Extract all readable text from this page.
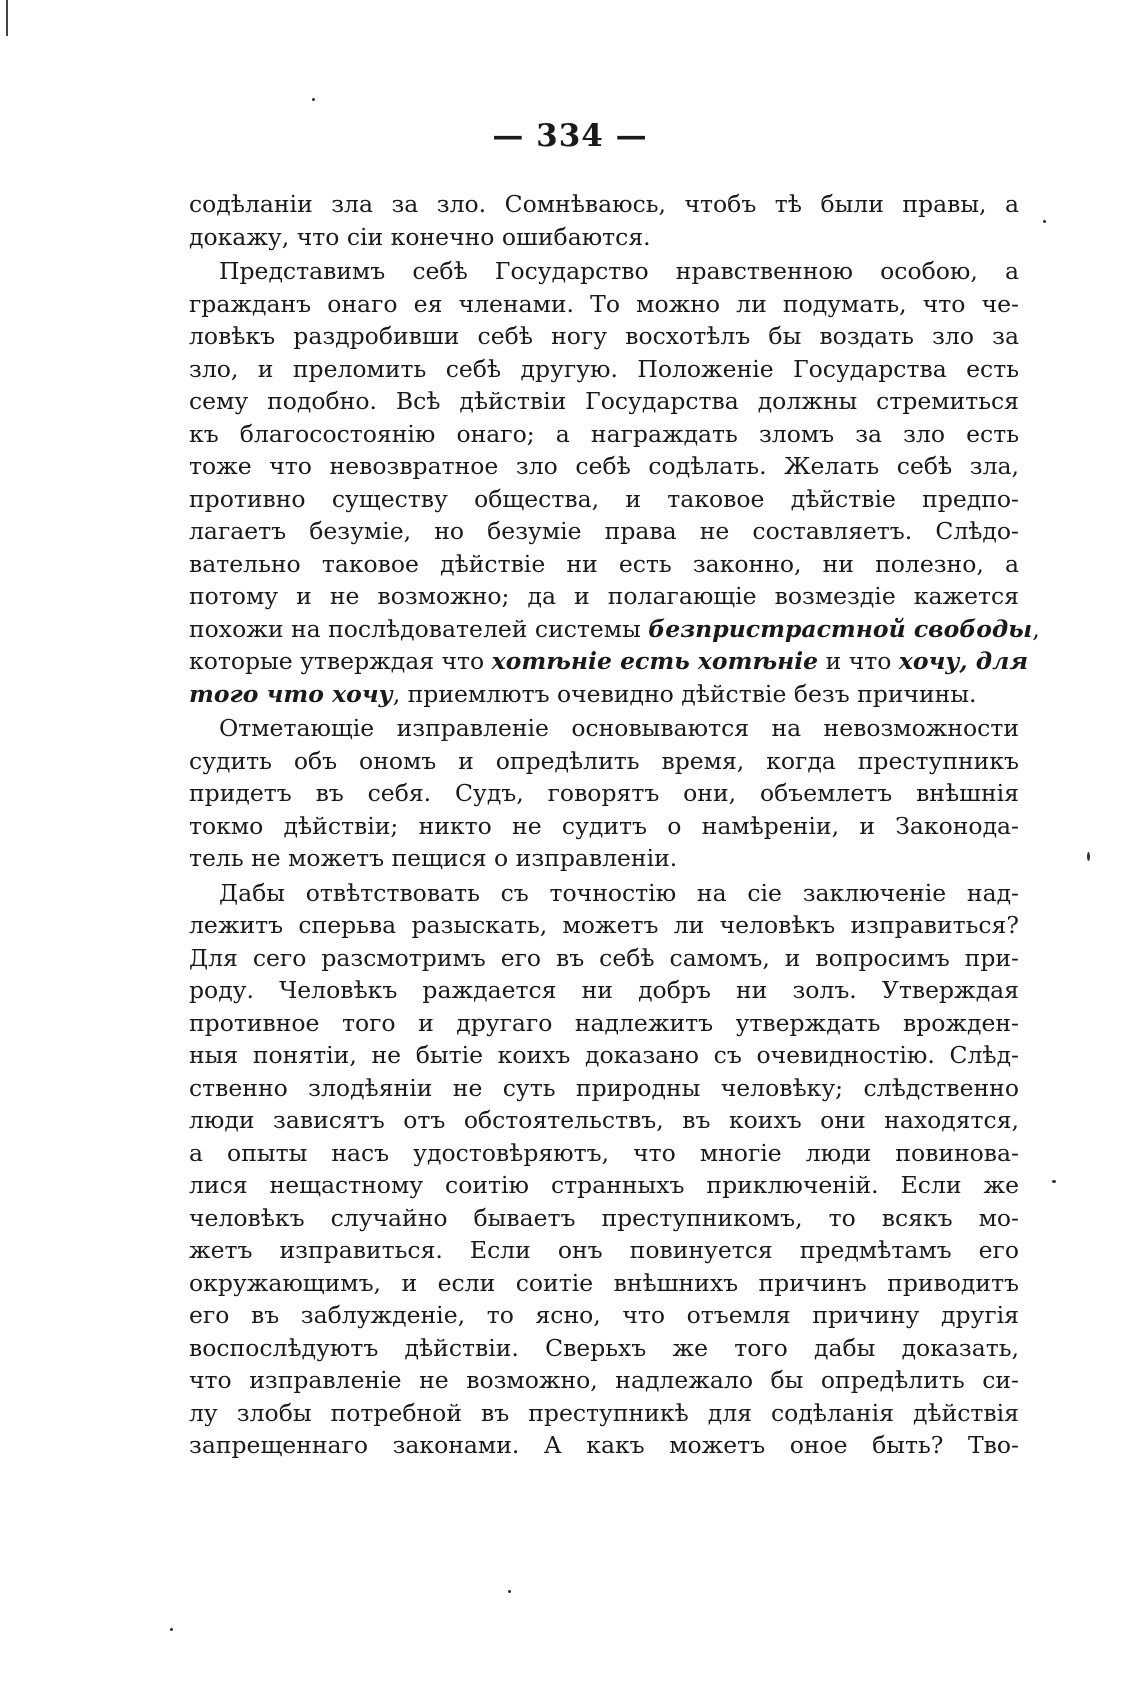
— 334 —
содѣланіи зла за зло. Сомнѣваюсь, чтобъ тѣ были правы, а
докажу, что сіи конечно ошибаются.
Представимъ себѣ Государство нравственною особою, а
гражданъ онаго ея членами. То можно ли подумать, что че-
ловѣкъ раздробивши себѣ ногу восхотѣлъ бы воздать зло за
зло, и преломить себѣ другую. Положеніе Государства есть
сему подобно. Всѣ дѣйствіи Государства должны стремиться
къ благосостоянію онаго; а награждать зломъ за зло есть
тоже что невозвратное зло себѣ содѣлать. Желать себѣ зла,
противно существу общества, и таковое дѣйствіе предпо-
лагаетъ безуміе, но безуміе права не составляетъ. Слѣдо-
вательно таковое дѣйствіе ни есть законно, ни полезно, а
потому и не возможно; да и полагающіе возмездіе кажется
похожи на послѣдователей системы безпристрастной свободы,
которые утверждая что хотѣніе есть хотѣніе и что хочу, для
того что хочу, приемлютъ очевидно дѣйствіе безъ причины.
Отметающіе изправленіе основываются на невозможности
судить объ ономъ и опредѣлить время, когда преступникъ
придетъ въ себя. Судъ, говорятъ они, объемлетъ внѣшнія
токмо дѣйствіи; никто не судитъ о намѣреніи, и Законода-
тель не можетъ пещися о изправленіи.
Дабы отвѣтствовать съ точностію на сіе заключеніе над-
лежитъ сперьва разыскать, можетъ ли человѣкъ изправиться?
Для сего разсмотримъ его въ себѣ самомъ, и вопросимъ при-
роду. Человѣкъ раждается ни добръ ни золъ. Утверждая
противное того и другаго надлежитъ утверждать врожден-
ныя понятіи, не бытіе коихъ доказано съ очевидностію. Слѣд-
ственно злодѣяніи не суть природны человѣку; слѣдственно
люди зависятъ отъ обстоятельствъ, въ коихъ они находятся,
а опыты насъ удостовѣряютъ, что многіе люди повинова-
лися нещастному соитію странныхъ приключеній. Если же
человѣкъ случайно бываетъ преступникомъ, то всякъ мо-
жетъ изправиться. Если онъ повинуется предмѣтамъ его
окружающимъ, и если соитіе внѣшнихъ причинъ приводитъ
его въ заблужденіе, то ясно, что отъемля причину другія
воспослѣдуютъ дѣйствіи. Сверьхъ же того дабы доказать,
что изправленіе не возможно, надлежало бы опредѣлить си-
лу злобы потребной въ преступникѣ для содѣланія дѣйствія
запрещеннаго законами. А какъ можетъ оное быть? Тво-
